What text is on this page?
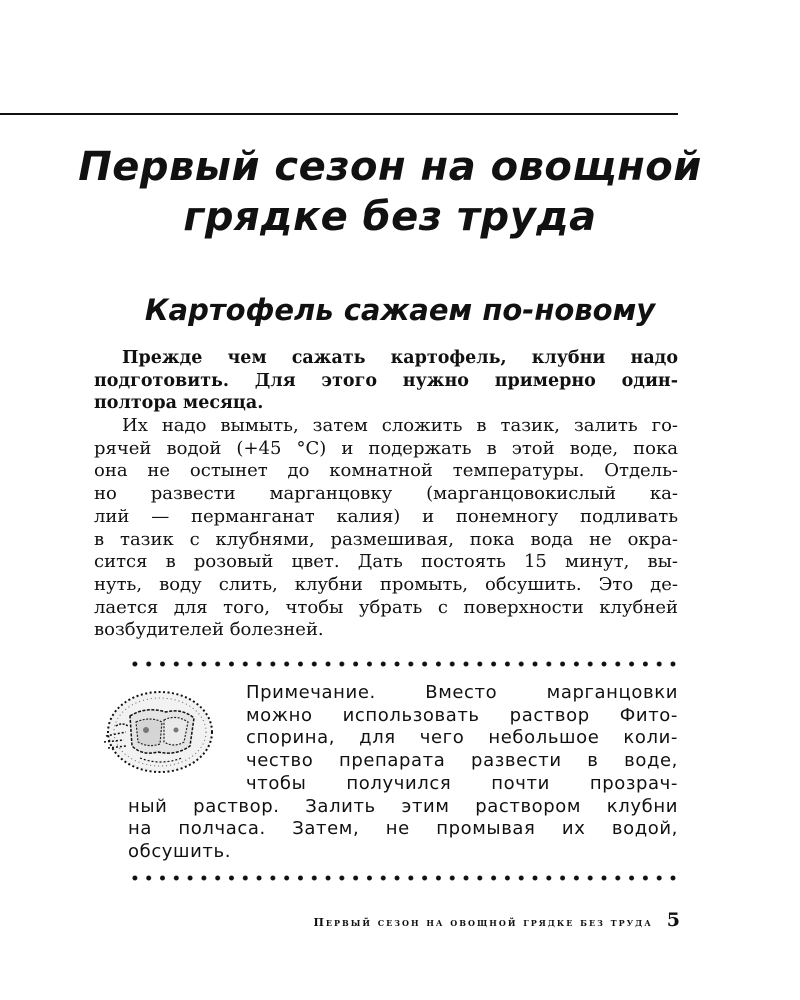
Первый сезон на овощной
грядке без труда
Картофель сажаем по-новому

Прежде чем сажать картофель, клубни надо
подготовить. Для этого нужно примерно один-
полтора месяца.

Их надо вымыть, затем сложить в тазик, залить го-
рячей водой (+45 °С) и подержать в этой воде, пока
она не остынет до комнатной температуры. Отдель-
но развести марганцовку (марганцовокислый ка-
лий — перманганат калия) и понемногу подливать
в тазик с клубнями, размешивая, пока вода не окра-
сится в розовый цвет. Дать постоять 15 минут, вы-
нуть, воду слить, клубни промыть, обсушить. Это де-
лается для того, чтобы убрать с поверхности клубней
возбудителей болезней.

Примечание. Вместо марганцовки
можно использовать раствор Фито-
спорина, для чего небольшое коли-
чество препарата развести в воде,
чтобы получился почти прозрач-
ный раствор. Залить этим раствором клубни
на полчаса. Затем, не промывая их водой,
обсушить.
Первый сезон на овощной грядке без труда 5
